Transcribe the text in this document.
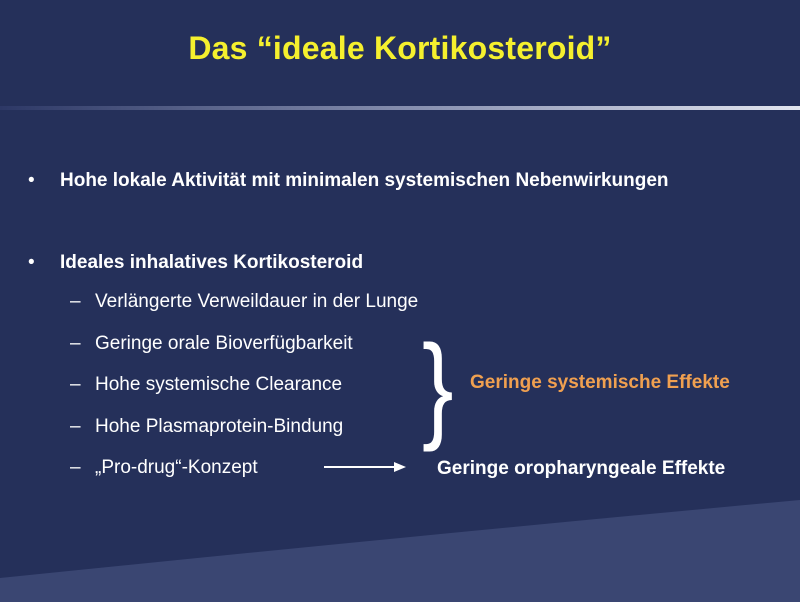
Das “ideale Kortikosteroid”
• Hohe lokale Aktivität mit minimalen systemischen Nebenwirkungen
• Ideales inhalatives Kortikosteroid
– Verlängerte Verweildauer in der Lunge
– Geringe orale Bioverfügbarkeit
– Hohe systemische Clearance
– Hohe Plasmaprotein-Bindung
– „Pro-drug“-Konzept
} Geringe systemische Effekte
Geringe oropharyngeale Effekte
